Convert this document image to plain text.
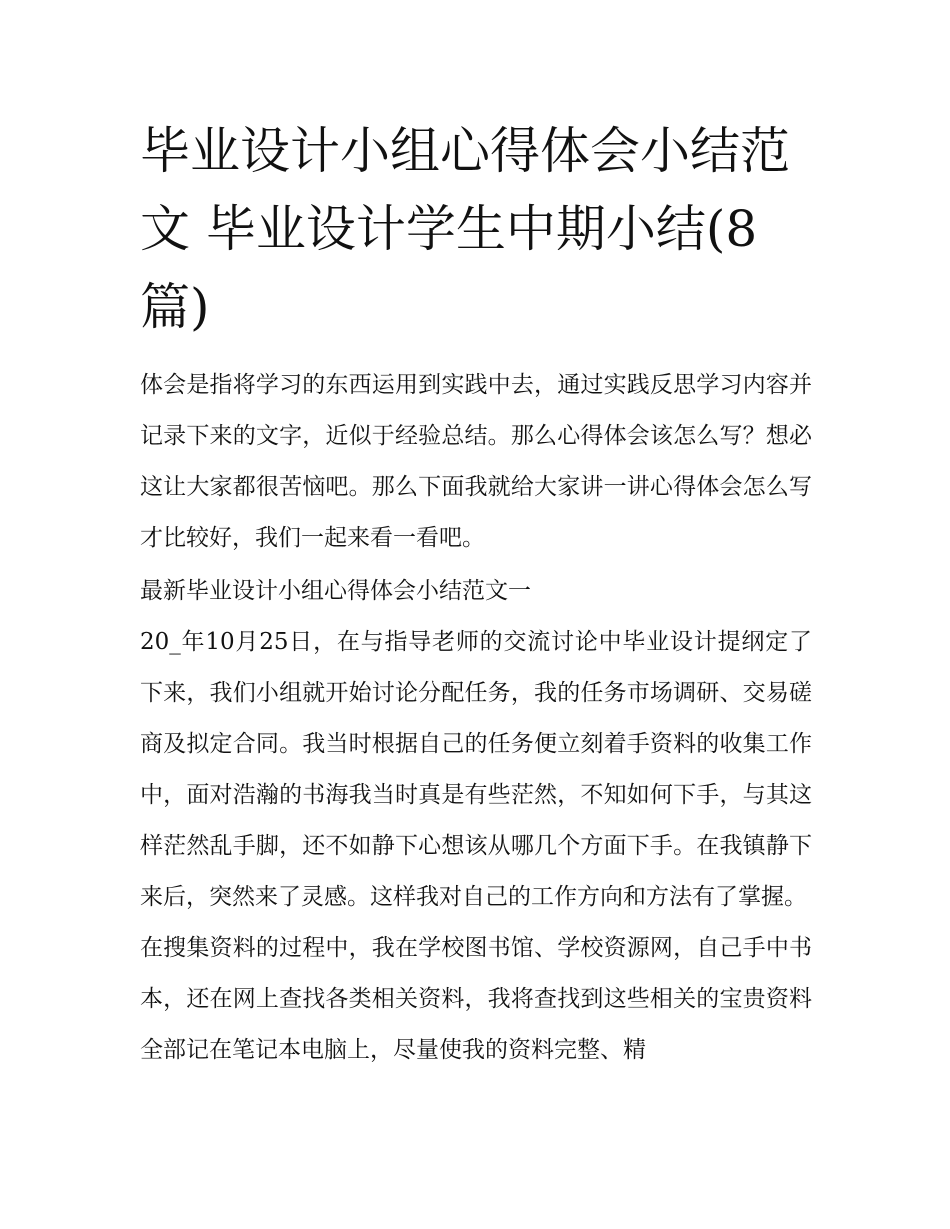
毕业设计小组心得体会小结范文 毕业设计学生中期小结(8篇)

体会是指将学习的东西运用到实践中去，通过实践反思学习内容并记录下来的文字，近似于经验总结。那么心得体会该怎么写？想必这让大家都很苦恼吧。那么下面我就给大家讲一讲心得体会怎么写才比较好，我们一起来看一看吧。

最新毕业设计小组心得体会小结范文一

20_年10月25日，在与指导老师的交流讨论中毕业设计提纲定了下来，我们小组就开始讨论分配任务，我的任务市场调研、交易磋商及拟定合同。我当时根据自己的任务便立刻着手资料的收集工作中，面对浩瀚的书海我当时真是有些茫然，不知如何下手，与其这样茫然乱手脚，还不如静下心想该从哪几个方面下手。在我镇静下来后，突然来了灵感。这样我对自己的工作方向和方法有了掌握。

在搜集资料的过程中，我在学校图书馆、学校资源网，自己手中书本，还在网上查找各类相关资料，我将查找到这些相关的宝贵资料全部记在笔记本电脑上，尽量使我的资料完整、精
